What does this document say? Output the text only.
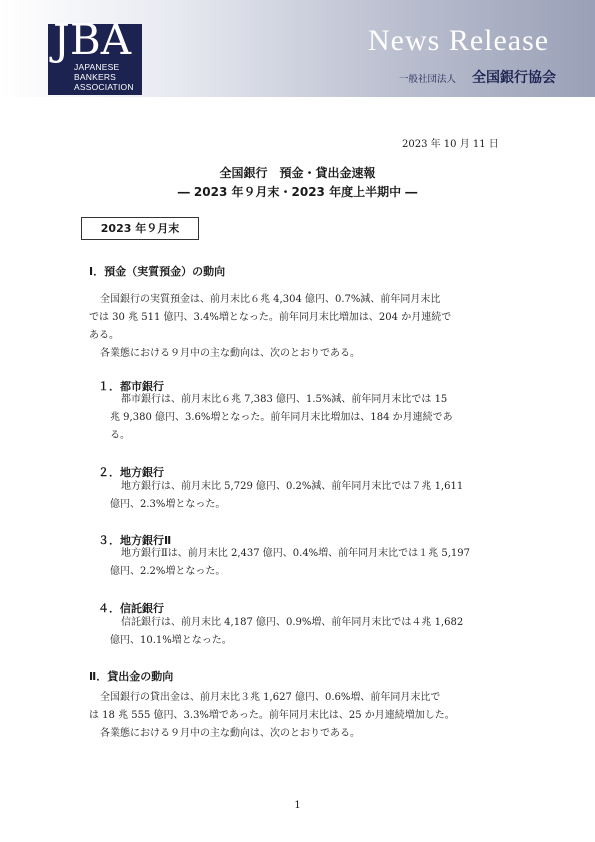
JBA
JAPANESE
BANKERS
ASSOCIATION
News Release
一般社団法人 全国銀行協会
2023 年 10 月 11 日
全国銀行　預金・貸出金速報
― 2023 年９月末・2023 年度上半期中 ―
2023 年９月末
Ⅰ．預金（実質預金）の動向
全国銀行の実質預金は、前月末比６兆 4,304 億円、0.7%減、前年同月末比
では 30 兆 511 億円、3.4%増となった。前年同月末比増加は、204 か月連続で
ある。
各業態における９月中の主な動向は、次のとおりである。
１．都市銀行
都市銀行は、前月末比６兆 7,383 億円、1.5%減、前年同月末比では 15
兆 9,380 億円、3.6%増となった。前年同月末比増加は、184 か月連続であ
る。
２．地方銀行
地方銀行は、前月末比 5,729 億円、0.2%減、前年同月末比では７兆 1,611
億円、2.3%増となった。
３．地方銀行Ⅱ
地方銀行Ⅱは、前月末比 2,437 億円、0.4%増、前年同月末比では１兆 5,197
億円、2.2%増となった。
４．信託銀行
信託銀行は、前月末比 4,187 億円、0.9%増、前年同月末比では４兆 1,682
億円、10.1%増となった。
Ⅱ．貸出金の動向
全国銀行の貸出金は、前月末比３兆 1,627 億円、0.6%増、前年同月末比で
は 18 兆 555 億円、3.3%増であった。前年同月末比は、25 か月連続増加した。
各業態における９月中の主な動向は、次のとおりである。
1
